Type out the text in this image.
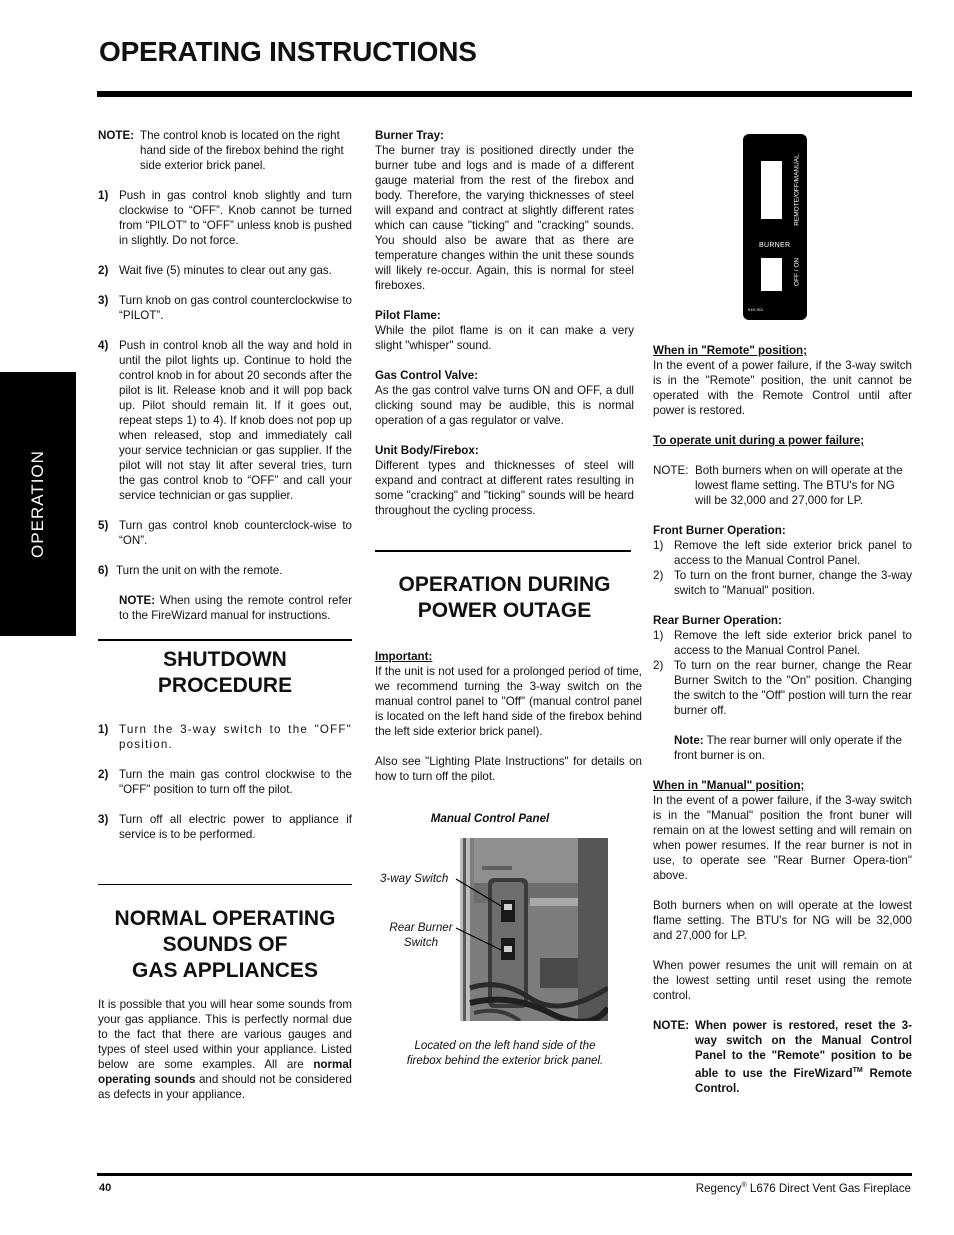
OPERATING INSTRUCTIONS
OPERATION
NOTE: The control knob is located on the right hand side of the firebox behind the right side exterior brick panel.
1) Push in gas control knob slightly and turn clockwise to “OFF”. Knob cannot be turned from “PILOT” to “OFF” unless knob is pushed in slightly. Do not force.
2) Wait five (5) minutes to clear out any gas.
3) Turn knob on gas control counterclockwise to “PILOT”.
4) Push in control knob all the way and hold in until the pilot lights up. Continue to hold the control knob in for about 20 seconds after the pilot is lit. Release knob and it will pop back up. Pilot should remain lit. If it goes out, repeat steps 1) to 4). If knob does not pop up when released, stop and immediately call your service technician or gas supplier. If the pilot will not stay lit after several tries, turn the gas control knob to “OFF” and call your service technician or gas supplier.
5) Turn gas control knob counterclock-wise to “ON”.
6) Turn the unit on with the remote.
NOTE: When using the remote control refer to the FireWizard manual for instructions.
SHUTDOWN
PROCEDURE
1) Turn the 3-way switch to the "OFF" position.
2) Turn the main gas control clockwise to the "OFF" position to turn off the pilot.
3) Turn off all electric power to appliance if service is to be performed.
NORMAL OPERATING
SOUNDS OF
GAS APPLIANCES
It is possible that you will hear some sounds from your gas appliance. This is perfectly normal due to the fact that there are various gauges and types of steel used within your appliance. Listed below are some examples. All are normal operating sounds and should not be considered as defects in your appliance.
Burner Tray:

The burner tray is positioned directly under the burner tube and logs and is made of a different gauge material from the rest of the firebox and body. Therefore, the varying thicknesses of steel will expand and contract at slightly different rates which can cause "ticking" and "cracking" sounds. You should also be aware that as there are temperature changes within the unit these sounds will likely re-occur. Again, this is normal for steel fireboxes.

Pilot Flame:

While the pilot flame is on it can make a very slight "whisper" sound.

Gas Control Valve:

As the gas control valve turns ON and OFF, a dull clicking sound may be audible, this is normal operation of a gas regulator or valve.

Unit Body/Firebox:

Different types and thicknesses of steel will expand and contract at different rates resulting in some "cracking" and "ticking" sounds will be heard throughout the cycling process.

OPERATION DURING
POWER OUTAGE
Important:

If the unit is not used for a prolonged period of time, we recommend turning the 3-way switch on the manual control panel to "Off" (manual control panel is located on the left hand side of the firebox behind the left side exterior brick panel).

Also see "Lighting Plate Instructions" for details on how to turn off the pilot.

Manual Control Panel
3-way Switch
Rear Burner
Switch
Located on the left hand side of the
firebox behind the exterior brick panel.
BURNER
REMOTE/OFF/MANUAL
OFF / ON
919-763
When in "Remote" position;

In the event of a power failure, if the 3-way switch is in the "Remote" position, the unit cannot be operated with the Remote Control until after power is restored.

To operate unit during a power failure;
NOTE: Both burners when on will operate at the lowest flame setting. The BTU's for NG will be 32,000 and 27,000 for LP.
Front Burner Operation:
1) Remove the left side exterior brick panel to access to the Manual Control Panel.
2) To turn on the front burner, change the 3-way switch to "Manual" position.
Rear Burner Operation:
1) Remove the left side exterior brick panel to access to the Manual Control Panel.
2) To turn on the rear burner, change the Rear Burner Switch to the "On" position. Changing the switch to the "Off" postion will turn the rear burner off.
Note: The rear burner will only operate if the front burner is on.
When in "Manual" position;

In the event of a power failure, if the 3-way switch is in the "Manual" position the front buner will remain on at the lowest setting and will remain on when power resumes. If the rear burner is not in use, to operate see "Rear Burner Opera-tion" above.

Both burners when on will operate at the lowest flame setting. The BTU's for NG will be 32,000 and 27,000 for LP.

When power resumes the unit will remain on at the lowest setting until reset using the remote control.

NOTE: When power is restored, reset the 3-way switch on the Manual Control Panel to the "Remote" position to be able to use the FireWizard™ Remote Control.
40	Regency® L676 Direct Vent Gas Fireplace
